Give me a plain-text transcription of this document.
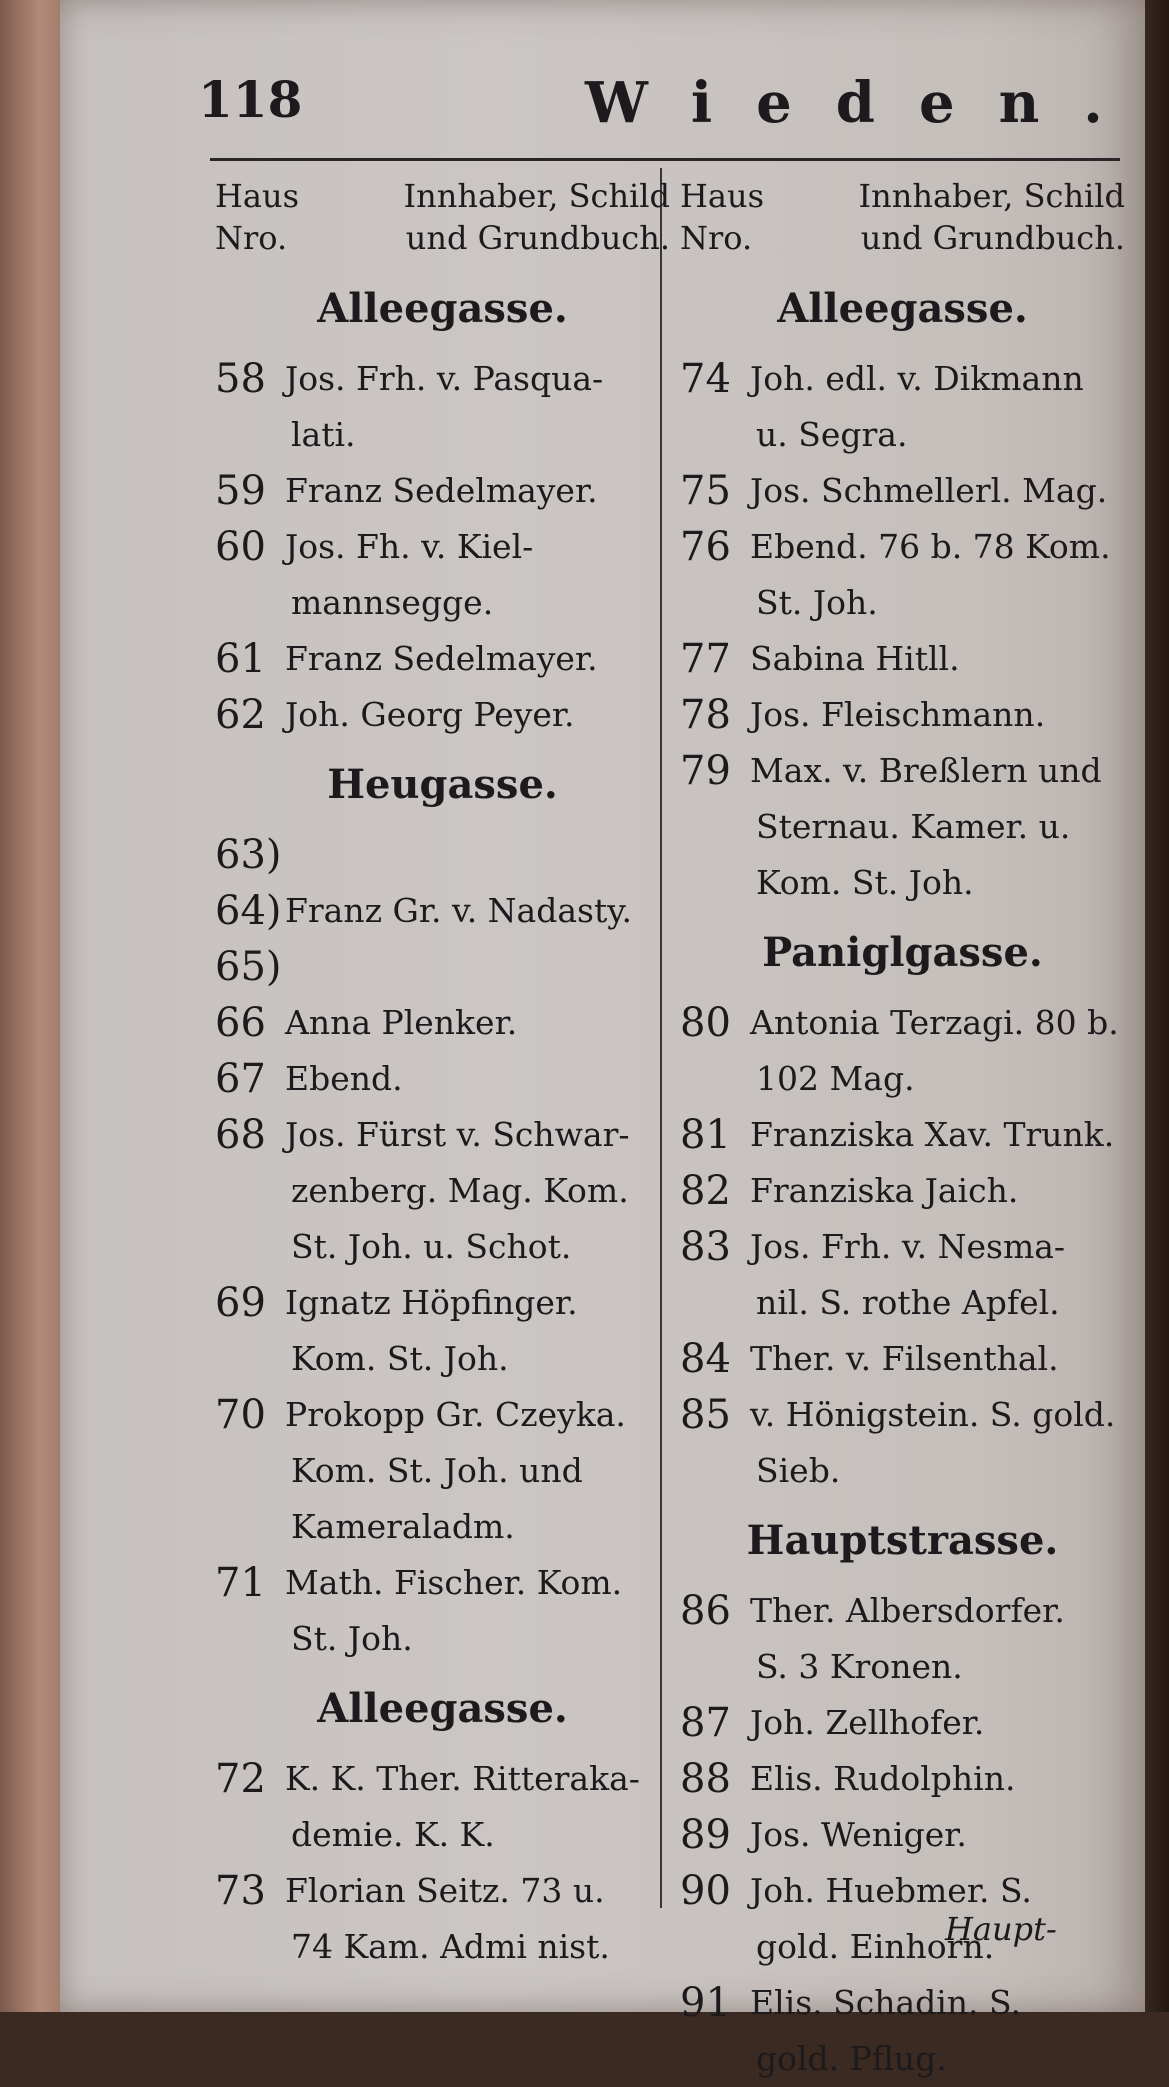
118	Wieden.
Haus	Innhaber, Schild
Nro.	und Grundbuch.
Alleegasse.
58 Jos. Frh. v. Pasqua-
lati.
59 Franz Sedelmayer.
60 Jos. Fh. v. Kiel-
mannsegge.
61 Franz Sedelmayer.
62 Joh. Georg Peyer.
Heugasse.
63)
64) Franz Gr. v. Nadasty.
65)
66 Anna Plenker.
67 Ebend.
68 Jos. Fürst v. Schwar-
zenberg. Mag. Kom.
St. Joh. u. Schot.
69 Ignatz Höpfinger.
Kom. St. Joh.
70 Prokopp Gr. Czeyka.
Kom. St. Joh. und
Kameraladm.
71 Math. Fischer. Kom.
St. Joh.
Alleegasse.
72 K. K. Ther. Ritteraka-
demie. K. K.
73 Florian Seitz. 73 u.
74 Kam. Admi nist.
Haus	Innhaber, Schild
Nro.	und Grundbuch.
Alleegasse.
74 Joh. edl. v. Dikmann
u. Segra.
75 Jos. Schmellerl. Mag.
76 Ebend. 76 b. 78 Kom.
St. Joh.
77 Sabina Hitll.
78 Jos. Fleischmann.
79 Max. v. Breßlern und
Sternau. Kamer. u.
Kom. St. Joh.
Paniglgasse.
80 Antonia Terzagi. 80 b.
102 Mag.
81 Franziska Xav. Trunk.
82 Franziska Jaich.
83 Jos. Frh. v. Nesma-
nil. S. rothe Apfel.
84 Ther. v. Filsenthal.
85 v. Hönigstein. S. gold.
Sieb.
Hauptstrasse.
86 Ther. Albersdorfer.
S. 3 Kronen.
87 Joh. Zellhofer.
88 Elis. Rudolphin.
89 Jos. Weniger.
90 Joh. Huebmer. S.
gold. Einhorn.
91 Elis. Schadin. S.
gold. Pflug.
Haupt-
